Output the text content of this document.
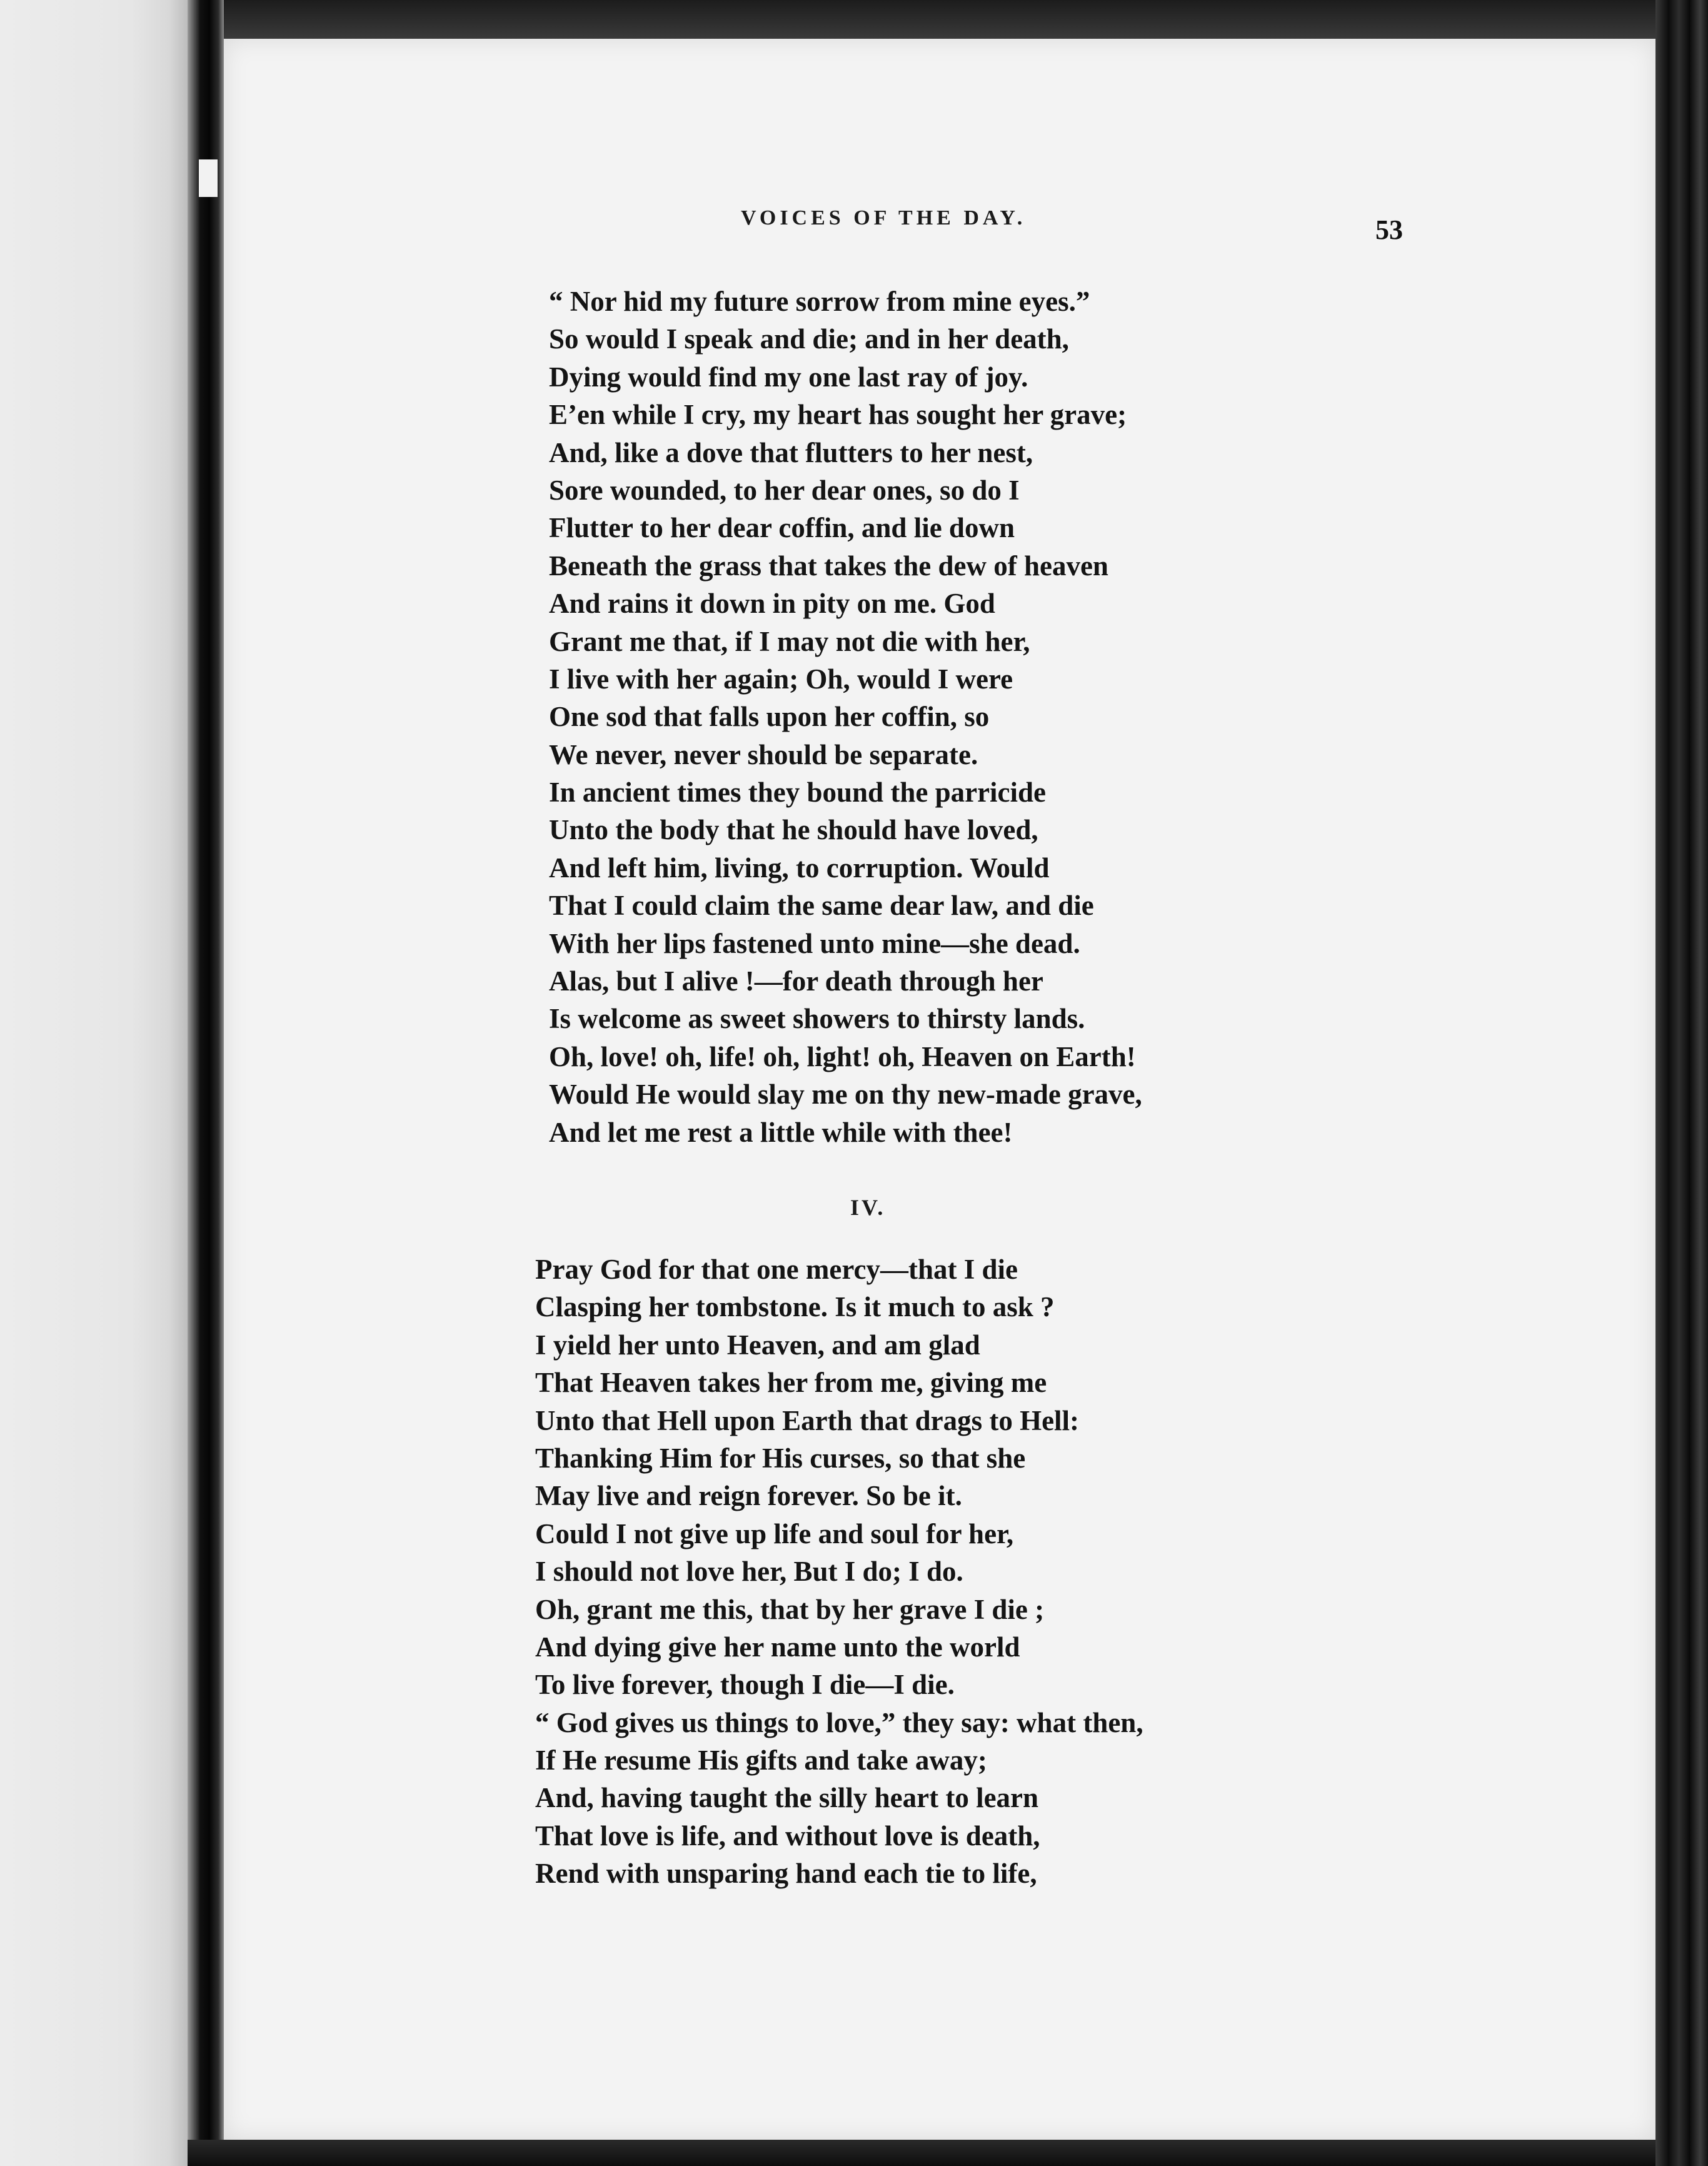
VOICES OF THE DAY.	53
“ Nor hid my future sorrow from mine eyes.”
So would I speak and die; and in her death,
Dying would find my one last ray of joy.
E’en while I cry, my heart has sought her grave;
And, like a dove that flutters to her nest,
Sore wounded, to her dear ones, so do I
Flutter to her dear coffin, and lie down
Beneath the grass that takes the dew of heaven
And rains it down in pity on me. God
Grant me that, if I may not die with her,
I live with her again; Oh, would I were
One sod that falls upon her coffin, so
We never, never should be separate.
In ancient times they bound the parricide
Unto the body that he should have loved,
And left him, living, to corruption. Would
That I could claim the same dear law, and die
With her lips fastened unto mine—she dead.
Alas, but I alive !—for death through her
Is welcome as sweet showers to thirsty lands.
Oh, love! oh, life! oh, light! oh, Heaven on Earth!
Would He would slay me on thy new-made grave,
And let me rest a little while with thee!
IV.
Pray God for that one mercy—that I die
Clasping her tombstone. Is it much to ask ?
I yield her unto Heaven, and am glad
That Heaven takes her from me, giving me
Unto that Hell upon Earth that drags to Hell:
Thanking Him for His curses, so that she
May live and reign forever. So be it.
Could I not give up life and soul for her,
I should not love her, But I do; I do.
Oh, grant me this, that by her grave I die ;
And dying give her name unto the world
To live forever, though I die—I die.
“ God gives us things to love,” they say: what then,
If He resume His gifts and take away;
And, having taught the silly heart to learn
That love is life, and without love is death,
Rend with unsparing hand each tie to life,
